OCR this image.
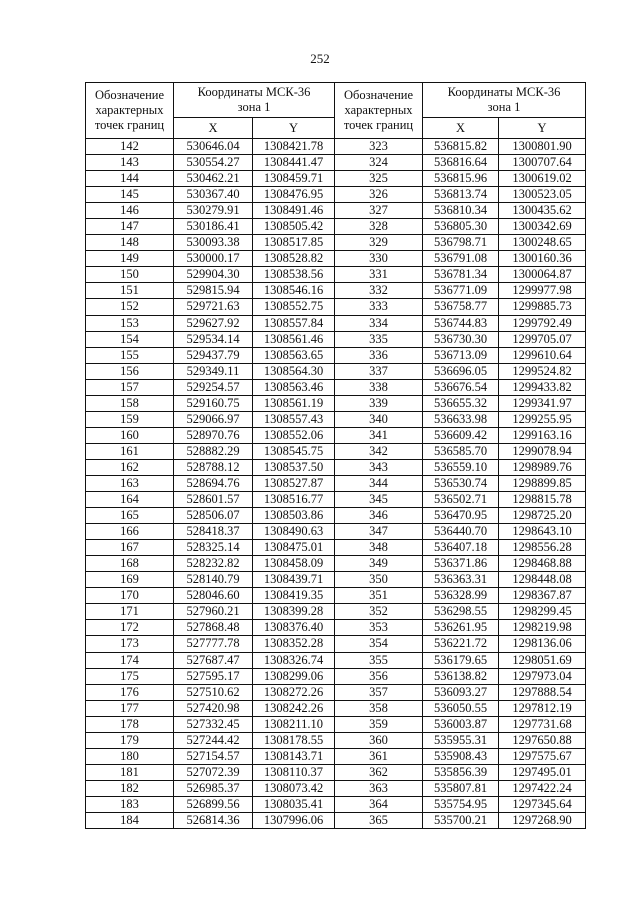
252
Обозначение
характерных
точек границ	Координаты МСК-36
зона 1		Обозначение
характерных
точек границ	Координаты МСК-36
зона 1	
	X	Y		X	Y
142	530646.04	1308421.78	323	536815.82	1300801.90
143	530554.27	1308441.47	324	536816.64	1300707.64
144	530462.21	1308459.71	325	536815.96	1300619.02
145	530367.40	1308476.95	326	536813.74	1300523.05
146	530279.91	1308491.46	327	536810.34	1300435.62
147	530186.41	1308505.42	328	536805.30	1300342.69
148	530093.38	1308517.85	329	536798.71	1300248.65
149	530000.17	1308528.82	330	536791.08	1300160.36
150	529904.30	1308538.56	331	536781.34	1300064.87
151	529815.94	1308546.16	332	536771.09	1299977.98
152	529721.63	1308552.75	333	536758.77	1299885.73
153	529627.92	1308557.84	334	536744.83	1299792.49
154	529534.14	1308561.46	335	536730.30	1299705.07
155	529437.79	1308563.65	336	536713.09	1299610.64
156	529349.11	1308564.30	337	536696.05	1299524.82
157	529254.57	1308563.46	338	536676.54	1299433.82
158	529160.75	1308561.19	339	536655.32	1299341.97
159	529066.97	1308557.43	340	536633.98	1299255.95
160	528970.76	1308552.06	341	536609.42	1299163.16
161	528882.29	1308545.75	342	536585.70	1299078.94
162	528788.12	1308537.50	343	536559.10	1298989.76
163	528694.76	1308527.87	344	536530.74	1298899.85
164	528601.57	1308516.77	345	536502.71	1298815.78
165	528506.07	1308503.86	346	536470.95	1298725.20
166	528418.37	1308490.63	347	536440.70	1298643.10
167	528325.14	1308475.01	348	536407.18	1298556.28
168	528232.82	1308458.09	349	536371.86	1298468.88
169	528140.79	1308439.71	350	536363.31	1298448.08
170	528046.60	1308419.35	351	536328.99	1298367.87
171	527960.21	1308399.28	352	536298.55	1298299.45
172	527868.48	1308376.40	353	536261.95	1298219.98
173	527777.78	1308352.28	354	536221.72	1298136.06
174	527687.47	1308326.74	355	536179.65	1298051.69
175	527595.17	1308299.06	356	536138.82	1297973.04
176	527510.62	1308272.26	357	536093.27	1297888.54
177	527420.98	1308242.26	358	536050.55	1297812.19
178	527332.45	1308211.10	359	536003.87	1297731.68
179	527244.42	1308178.55	360	535955.31	1297650.88
180	527154.57	1308143.71	361	535908.43	1297575.67
181	527072.39	1308110.37	362	535856.39	1297495.01
182	526985.37	1308073.42	363	535807.81	1297422.24
183	526899.56	1308035.41	364	535754.95	1297345.64
184	526814.36	1307996.06	365	535700.21	1297268.90
